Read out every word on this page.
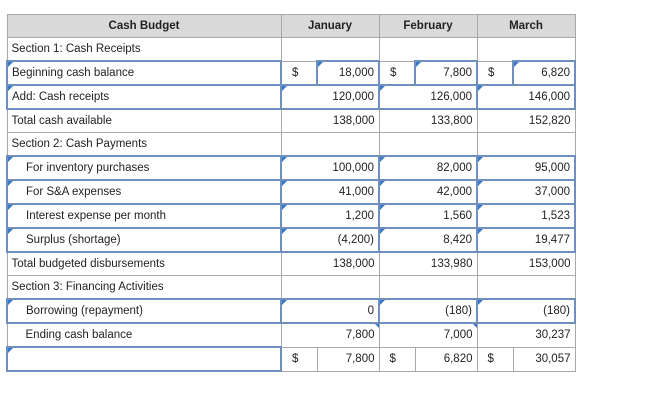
Cash Budget	January		February		March	
Section 1: Cash Receipts						
Beginning cash balance	$	18,000	$	7,800	$	6,820
Add: Cash receipts	120,000		126,000		146,000	
Total cash available	138,000		133,800		152,820	
Section 2: Cash Payments						
For inventory purchases	100,000		82,000		95,000	
For S&A expenses	41,000		42,000		37,000	
Interest expense per month	1,200		1,560		1,523	
Surplus (shortage)	(4,200)		8,420		19,477	
Total budgeted disbursements	138,000		133,980		153,000	
Section 3: Financing Activities						
Borrowing (repayment)	0		(180)		(180)	
Ending cash balance	7,800		7,000		30,237	
	$	7,800	$	6,820	$	30,057
